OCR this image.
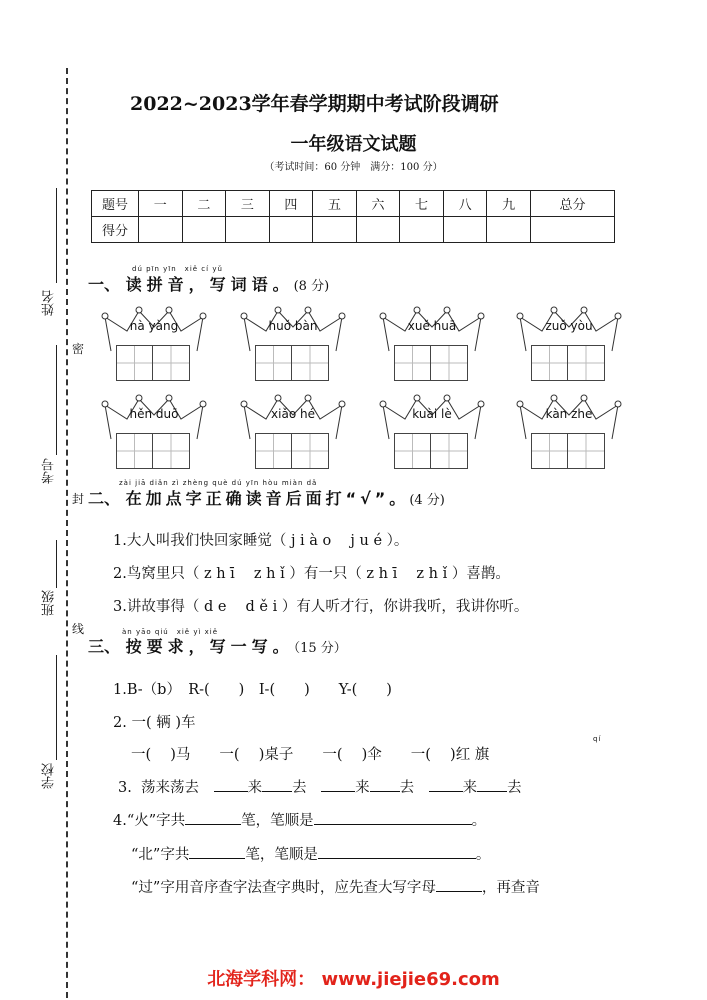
姓名
考号
班级
学校
密
封
线
2022~2023学年春学期期中考试阶段调研
一年级语文试题
（考试时间：60 分钟　满分：100 分）
题号	一	二	三	四	五	六	七	八	九	总分
得分										
dú pīn yīn　xiě cí yǔ
一、 读拼音，写词语。(8 分)
nà yàng	huǒ bàn	xuě huā	zuǒ yòu
hěn duō	xiǎo hé	kuài lè	kàn zhe
zài jiā diǎn zì zhèng què dú yīn hòu miàn dǎ
二、 在加点字正确读音后面打“√”。(4 分)
1.大人叫我们快回家睡觉（ j i à o　 j u é ）。
2.鸟窝里只（ z h ī　 z h ǐ ）有一只（ z h ī　 z h ǐ ）喜鹊。
3.讲故事得（ d e　 d ě i ）有人听才行，你讲我听，我讲你听。
àn yāo qiú　xiě yì xiě
三、 按要求，写一写。（15 分）
1.B-（b）　R-(　　)　I-(　　)　　Y-(　　)
2. 一( 辆 )车
qí
一(　 )马　　一(　 )桌子　　一(　 )伞　　一(　 )红 旗
3.  荡来荡去　	来 去　	来 去　	来 去
4.“火”字共	笔，笔顺是	。
“北”字共	笔，笔顺是	。
“过”字用音序查字法查字典时，应先查大写字母	，再查音
北海学科网： www.jiejie69.com
